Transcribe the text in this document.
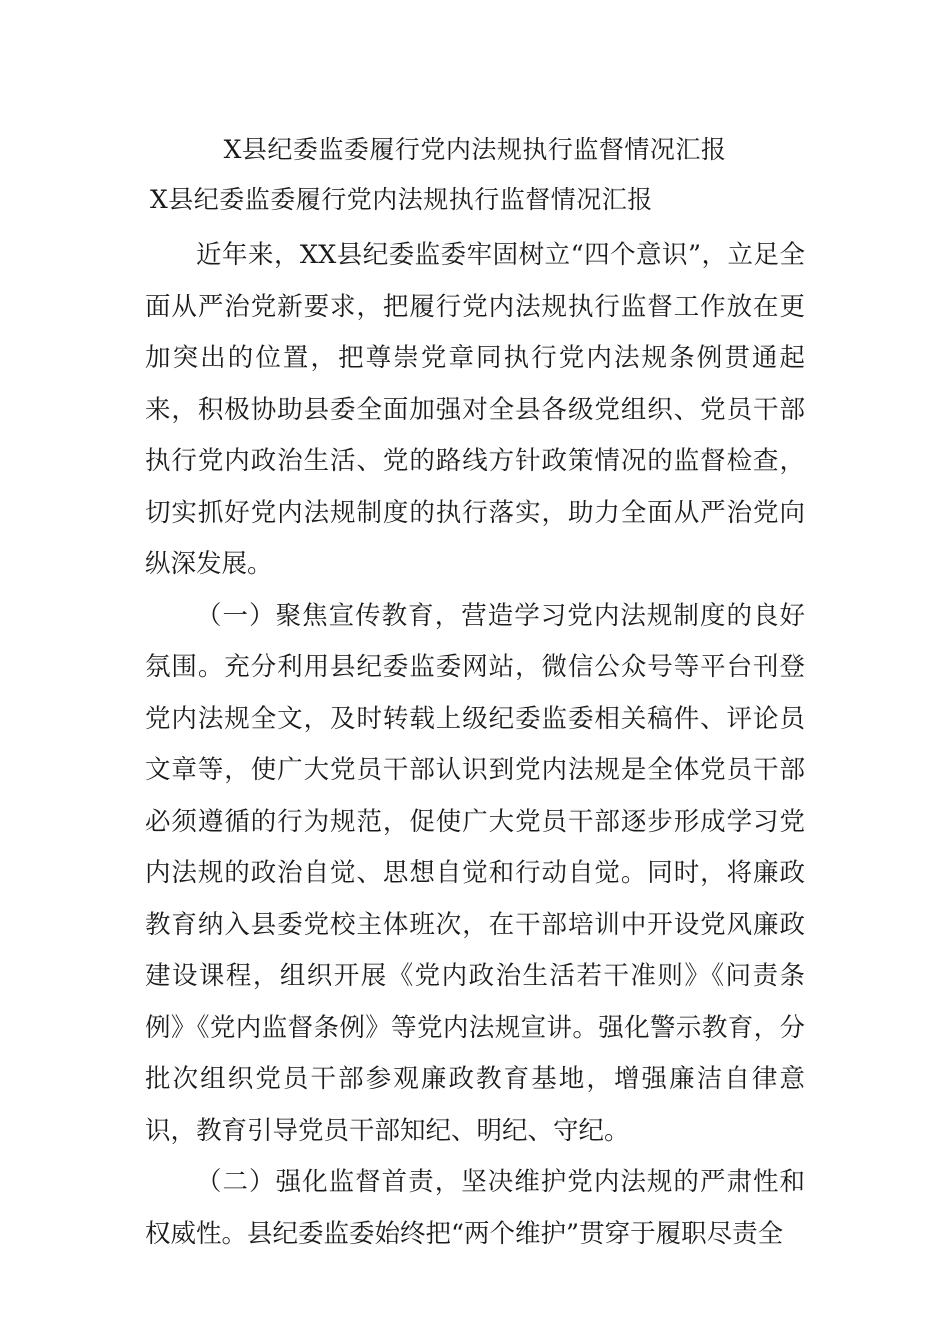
X县纪委监委履行党内法规执行监督情况汇报
X县纪委监委履行党内法规执行监督情况汇报

近年来，XX县纪委监委牢固树立“四个意识”，立足全面从严治党新要求，把履行党内法规执行监督工作放在更加突出的位置，把尊崇党章同执行党内法规条例贯通起来，积极协助县委全面加强对全县各级党组织、党员干部执行党内政治生活、党的路线方针政策情况的监督检查，切实抓好党内法规制度的执行落实，助力全面从严治党向纵深发展。

（一）聚焦宣传教育，营造学习党内法规制度的良好氛围。充分利用县纪委监委网站，微信公众号等平台刊登党内法规全文，及时转载上级纪委监委相关稿件、评论员文章等，使广大党员干部认识到党内法规是全体党员干部必须遵循的行为规范，促使广大党员干部逐步形成学习党内法规的政治自觉、思想自觉和行动自觉。同时，将廉政教育纳入县委党校主体班次，在干部培训中开设党风廉政建设课程，组织开展《党内政治生活若干准则》《问责条例》《党内监督条例》等党内法规宣讲。强化警示教育，分批次组织党员干部参观廉政教育基地，增强廉洁自律意识，教育引导党员干部知纪、明纪、守纪。

（二）强化监督首责，坚决维护党内法规的严肃性和权威性。县纪委监委始终把“两个维护”贯穿于履职尽责全
